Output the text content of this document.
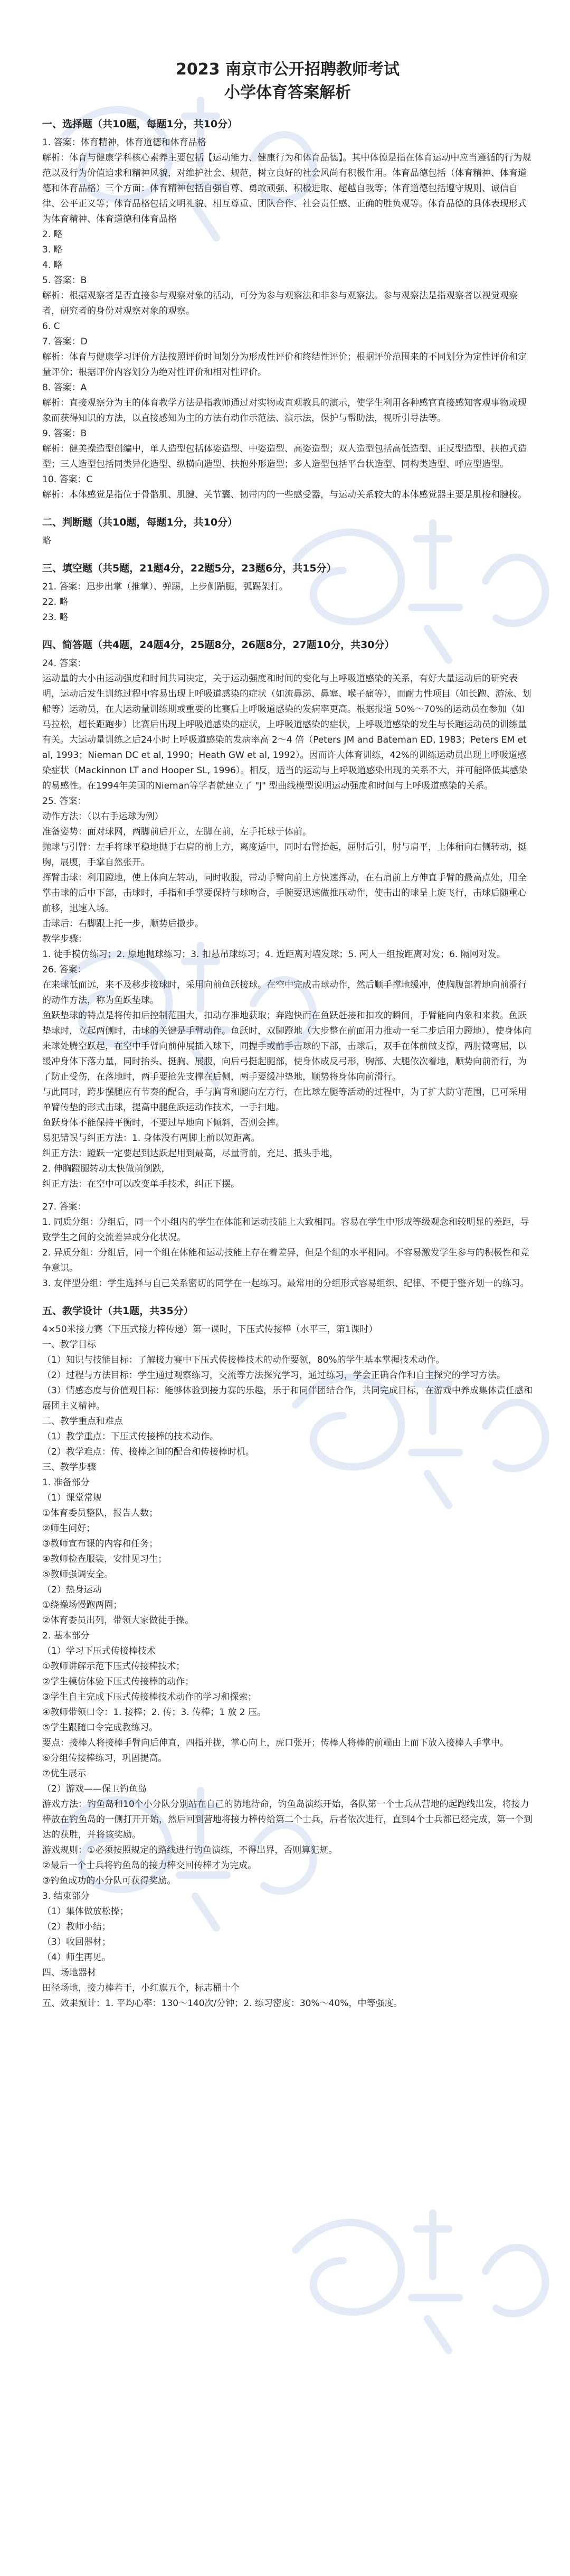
2023 南京市公开招聘教师考试

小学体育答案解析

一、选择题（共10题，每题1分，共10分）

1. 答案：体育精神，体育道德和体育品格

解析：体育与健康学科核心素养主要包括【运动能力、健康行为和体育品德】。其中体德是指在体育运动中应当遵循的行为规范以及行为价值追求和精神风貌，对维护社会、规范，树立良好的社会风尚有积极作用。体育品德包括（体育精神、体育道德和体育品格）三个方面：体育精神包括自强自尊、勇敢顽强、积极进取、超越自我等；体育道德包括遵守规则、诚信自律、公平正义等；体育品格包括文明礼貌、相互尊重、团队合作、社会责任感、正确的胜负观等。体育品德的具体表现形式为体育精神、体育道德和体育品格

2. 略

3. 略

4. 略

5. 答案：B

解析：根据观察者是否直接参与观察对象的活动，可分为参与观察法和非参与观察法。参与观察法是指观察者以视觉观察者，研究者的身份对观察对象的观察。

6. C

7. 答案：D

解析：体育与健康学习评价方法按照评价时间划分为形成性评价和终结性评价；根据评价范围来的不同划分为定性评价和定量评价；根据评价内容划分为绝对性评价和相对性评价。

8. 答案：A

解析：直接观察分为主的体育教学方法是指教师通过对实物或直观教具的演示，使学生利用各种感官直接感知客观事物或现象而获得知识的方法，以直接感知为主的方法有动作示范法、演示法，保护与帮助法，视听引导法等。

9. 答案：B

解析：健美操造型创编中，单人造型包括体姿造型、中姿造型、高姿造型；双人造型包括高低造型、正反型造型、扶抱式造型；三人造型包括同类异化造型、纵横向造型、扶抱外形造型；多人造型包括平台状造型、同构类造型、呼应型造型。

10. 答案：C

解析：本体感觉是指位于骨骼肌、肌腱、关节囊、韧带内的一些感受器，与运动关系较大的本体感觉器主要是肌梭和腱梭。

二、判断题（共10题，每题1分，共10分）

略

三、填空题（共5题，21题4分，22题5分，23题6分，共15分）

21. 答案：迅步出掌（推掌）、弹踢，上步侧踹腿，弧踢架打。

22. 略

23. 略

四、简答题（共4题，24题4分，25题8分，26题8分，27题10分，共30分）

24. 答案：

运动量的大小由运动强度和时间共同决定，关于运动强度和时间的变化与上呼吸道感染的关系，有好大量运动后的研究表明，运动后发生训练过程中容易出现上呼吸道感染的症状（如流鼻涕、鼻塞、喉子痛等），而耐力性项目（如长跑、游泳、划船等）运动员，在大运动量训练期或重要的比赛后上呼吸道感染的发病率更高。根据报道 50%～70%的运动员在参加（如马拉松，超长距跑步）比赛后出现上呼吸道感染的症状，上呼吸道感染的症状，上呼吸道感染的发生与长跑运动员的训练量有关。大运动量训练之后24小时上呼吸道感染的发病率高 2～4 倍（Peters JM and Bateman ED, 1983；Peters EM et al, 1993；Nieman DC et al, 1990；Heath GW et al, 1992）。因而许大体育训练，42%的训练运动员出现上呼吸道感染症状（Mackinnon LT and Hooper SL, 1996）。相反，适当的运动与上呼吸道感染出现的关系不大，并可能降低其感染的易感性。在1994年美国的Nieman等学者就建立了 "J" 型曲线模型说明运动强度和时间与上呼吸道感染的关系。

25. 答案：

动作方法：（以右手运球为例）

准备姿势：面对球网，两脚前后开立，左脚在前，左手托球于体前。

抛球与引臂：左手将球平稳地抛于右肩的前上方，离度适中，同时右臂抬起，屈肘后引，肘与肩平，上体稍向右侧转动，挺胸，展腹，手掌自然张开。

挥臂击球：利用蹬地，使上体向左转动，同时收腹，带动手臂向前上方快速挥动，在右肩前上方伸直手臂的最高点处，用全掌击球的后中下部，击球时，手指和手掌要保持与球吻合，手腕要迅速做推压动作，使击出的球呈上旋飞行，击球后随重心前移，迅速入场。

击球后：右脚跟上托一步，顺势后撤步。

教学步骤：

1. 徒手模仿练习；2. 原地抛球练习；3. 扣悬吊球练习；4. 近距离对墙发球；5. 两人一组按距离对发；6. 隔网对发。

26. 答案：

在来球低而远，来不及移步接球时，采用向前鱼跃接球。在空中完成击球动作，然后顺手撑地缓冲，使胸腹部着地向前滑行的动作方法，称为鱼跃垫球。

鱼跃垫球的特点是将传扣后控制范围大，扣动存准地获取；奔跑快而在鱼跃赶接和扣攻的瞬间，手臂能向内象和来救。鱼跃垫球时，立起两侧时，击球的关键是手臂动作。鱼跃时，双脚蹬地（大步整在前面用力推动一至二步后用力蹬地），使身体向来球处腾空跃起，在空中手臂向前伸展插入球下，同握手或前手击球的下部，击球后，双手在体前做支撑，两肘微弯屈，以缓冲身体下落力量，同时抬头、挺胸、展腹，向后弓挺起腿部，使身体成反弓形，胸部、大腿依次着地，顺势向前滑行，为了防止受伤，在落地时，两手要抢先支撑在后侧，两手要缓冲垫地，顺势将身体向前滑行。

与此同时，跨步摆腿应有节奏的配合，手与胸背和腿向左方行，在比球左腿等活动的过程中，为了扩大防守范围，已可采用单臂传垫的形式击球，提高中腿鱼跃运动作技术，一手扫地。

鱼跃身体不能保持平衡时，不要过早地向下倾斜，否则会摔。

易犯错误与纠正方法：1. 身体没有两脚上前以短距离。

纠正方法：蹬跃一定要起到达跃起用到最高，尽量背前，充足、抵头手地，

2. 伸胸蹬腿转动太快做前倒跌，

纠正方法：在空中可以改变单手技术，纠正下摆。

27. 答案：

1. 同质分组：分组后，同一个小组内的学生在体能和运动技能上大致相同。容易在学生中形成等级观念和较明显的差距，导致学生之间的交流差异或分化状况。

2. 异质分组：分组后，同一个组在体能和运动技能上存在着差异，但是个组的水平相同。不容易激发学生参与的积极性和竞争意识。

3. 友伴型分组：学生选择与自己关系密切的同学在一起练习。最常用的分组形式容易组织、纪律、不便于整齐划一的练习。

五、教学设计（共1题，共35分）

4×50米接力赛（下压式接力棒传递）第一课时，下压式传接棒（水平三，第1课时）

一、教学目标

（1）知识与技能目标：了解接力赛中下压式传接棒技术的动作要领，80%的学生基本掌握技术动作。

（2）过程与方法目标：学生通过观察练习，交流等方法探究学习，通过练习，学会正确合作和自主探究的学习方法。

（3）情感态度与价值观目标：能够体验到接力赛的乐趣，乐于和同伴团结合作，共同完成目标，在游戏中养成集体责任感和展团主义精神。

二、教学重点和难点

（1）教学重点：下压式传接棒的技术动作。

（2）教学难点：传、接棒之间的配合和传接棒时机。

三、教学步骤

1. 准备部分

（1）课堂常规

①体育委员整队，报告人数；

②师生问好；

③教师宣布课的内容和任务；

④教师检查服装，安排见习生；

⑤教师强调安全。

（2）热身运动

①绕操场慢跑两圈；

②体育委员出列，带领大家做徒手操。

2. 基本部分

（1）学习下压式传接棒技术

①教师讲解示范下压式传接棒技术；

②学生模仿体验下压式传接棒的动作；

③学生自主完成下压式传接棒技术动作的学习和探索；

④教师带领口令：1. 接棒；2. 传；3. 传棒；1 放 2 压。

⑤学生跟随口令完成教练习。

要点：接棒人将接棒手臂向后伸直，四指并拢，掌心向上，虎口张开；传棒人将棒的前端由上而下放入接棒人手掌中。

⑥分组传接棒练习，巩固提高。

⑦优生展示

（2）游戏——保卫钓鱼岛

游戏方法：钓鱼岛和10个小分队分别站在自己的防地待命，钓鱼岛演练开始，各队第一个士兵从营地的起跑线出发，将接力棒放在钓鱼岛的一侧打开开始，然后回到营地将接力棒传给第二个士兵，后者依次进行，直到4个士兵都已经完成，第一个到达的获胜，并将该奖励。

游戏规则：①必须按照规定的路线进行钓鱼演练，不得出界，否则算犯规。

②最后一个士兵将钓鱼岛的接力棒交回传棒才为完成。

③钓鱼成功的小分队可获得奖励。

3. 结束部分

（1）集体做放松操；

（2）教师小结；

（3）收回器材；

（4）师生再见。

四、场地器材

田径场地，接力棒若干，小红旗五个，标志桶十个

五、效果预计：1. 平均心率：130～140次/分钟；2. 练习密度：30%～40%，中等强度。
